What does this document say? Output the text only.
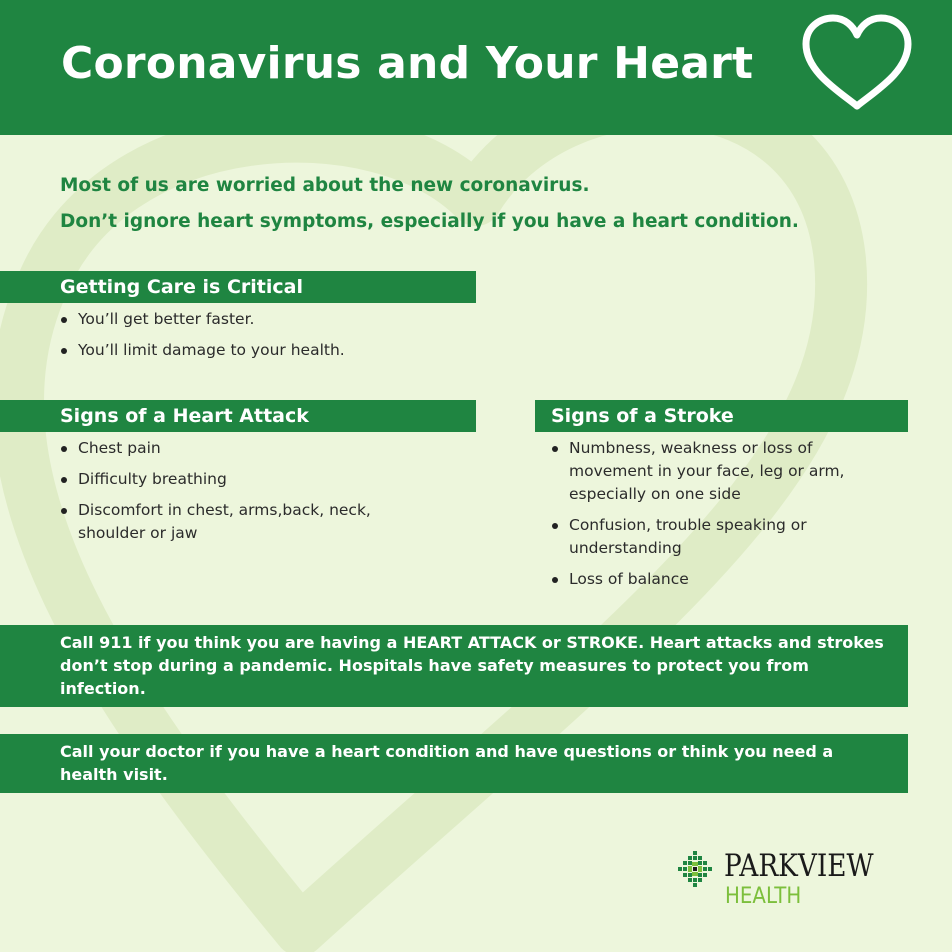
Coronavirus and Your Heart

Most of us are worried about the new coronavirus.

Don’t ignore heart symptoms, especially if you have a heart condition.

Getting Care is Critical
You’ll get better faster.
You’ll limit damage to your health.
Signs of a Heart Attack
Chest pain
Difficulty breathing
Discomfort in chest, arms,back, neck, shoulder or jaw
Signs of a Stroke
Numbness, weakness or loss of movement in your face, leg or arm, especially on one side
Confusion, trouble speaking or understanding
Loss of balance

Call 911 if you think you are having a HEART ATTACK or STROKE. Heart attacks and strokes don’t stop during a pandemic. Hospitals have safety measures to protect you from infection.

Call your doctor if you have a heart condition and have questions or think you need a health visit.

PARKVIEW
HEALTH
